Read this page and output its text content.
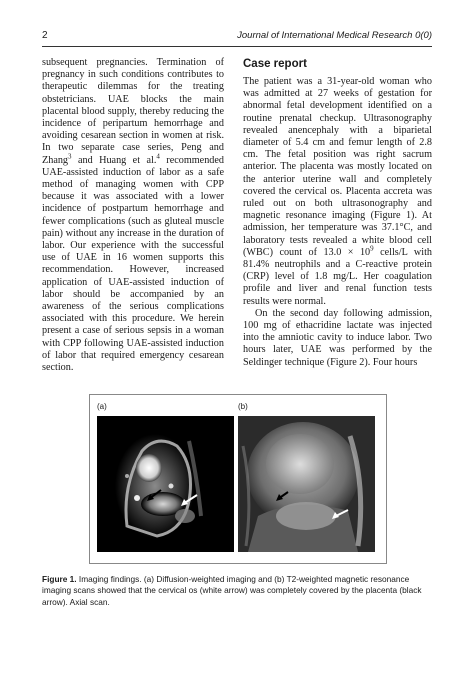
2	Journal of International Medical Research 0(0)

subsequent pregnancies. Termination of pregnancy in such conditions contributes to therapeutic dilemmas for the treating obstetricians. UAE blocks the main placental blood supply, thereby reducing the incidence of peripartum hemorrhage and avoiding cesarean section in women at risk. In two separate case series, Peng and Zhang$^3$ and Huang et al.$^4$ recommended UAE-assisted induction of labor as a safe method of managing women with CPP because it was associated with a lower incidence of postpartum hemorrhage and fewer complications (such as gluteal muscle pain) without any increase in the duration of labor. Our experience with the successful use of UAE in 16 women supports this recommendation. However, increased application of UAE-assisted induction of labor should be accompanied by an awareness of the serious complications associated with this procedure. We herein present a case of serious sepsis in a woman with CPP following UAE-assisted induction of labor that required emergency cesarean section.

Case report

The patient was a 31-year-old woman who was admitted at 27 weeks of gestation for abnormal fetal development identified on a routine prenatal checkup. Ultrasonography revealed anencephaly with a biparietal diameter of 5.4 cm and femur length of 2.8 cm. The fetal position was right sacrum anterior. The placenta was mostly located on the anterior uterine wall and completely covered the cervical os. Placenta accreta was ruled out on both ultrasonography and magnetic resonance imaging (Figure 1). At admission, her temperature was 37.1°C, and laboratory tests revealed a white blood cell (WBC) count of $13.0 \times 10^9$ cells/L with 81.4% neutrophils and a C-reactive protein (CRP) level of 1.8 mg/L. Her coagulation profile and liver and renal function tests results were normal.

On the second day following admission, 100 mg of ethacridine lactate was injected into the amniotic cavity to induce labor. Two hours later, UAE was performed by the Seldinger technique (Figure 2). Four hours

(a)	(b)
Figure 1. Imaging findings. (a) Diffusion-weighted imaging and (b) T2-weighted magnetic resonance imaging scans showed that the cervical os (white arrow) was completely covered by the placenta (black arrow). Axial scan.
